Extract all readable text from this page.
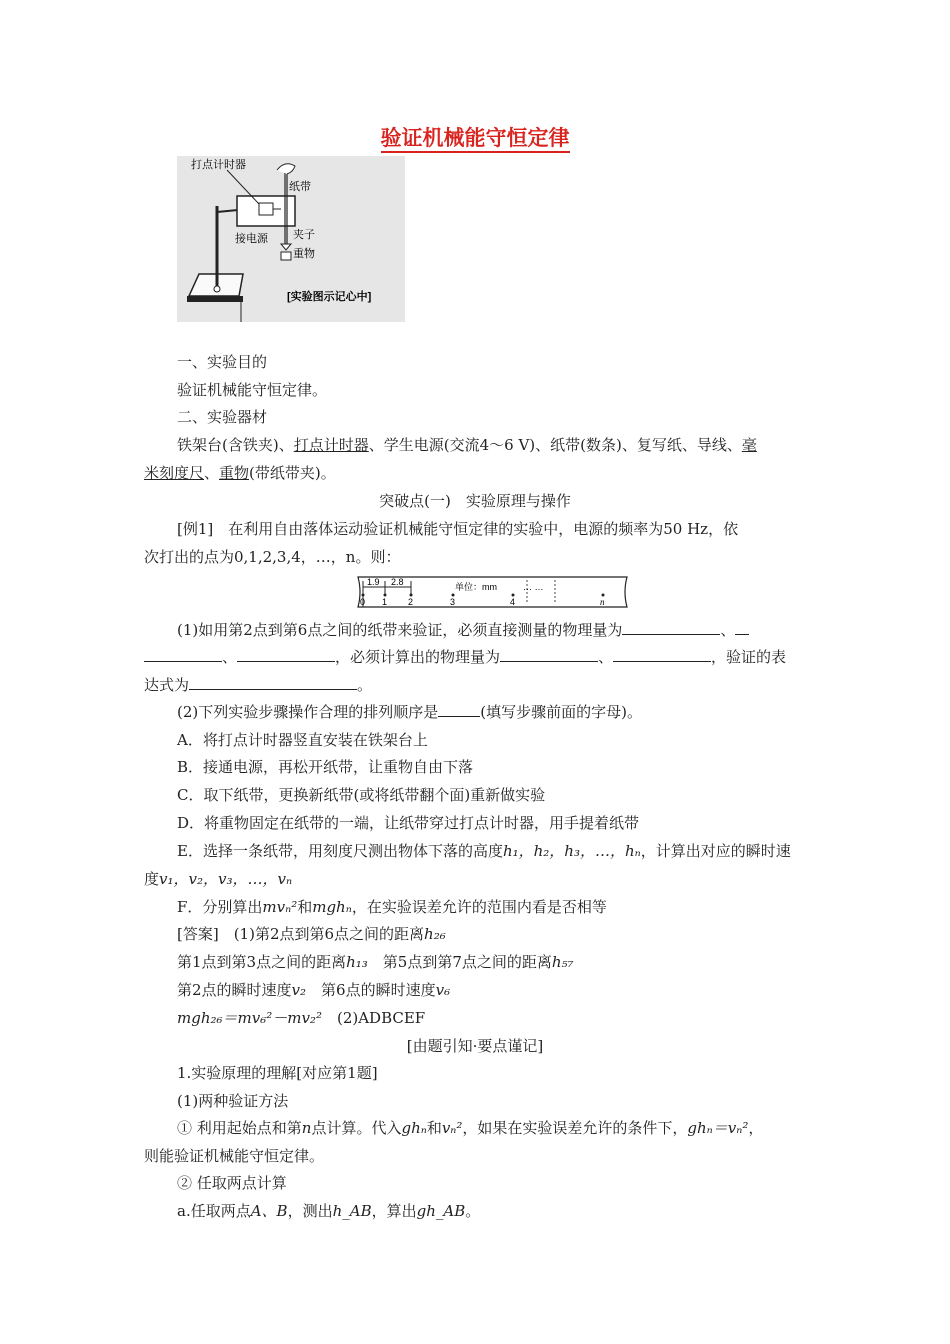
验证机械能守恒定律
打点计时器
纸带
接电源 夹子
重物
[实验图示记心中]
一、实验目的
验证机械能守恒定律。
二、实验器材
铁架台(含铁夹)、打点计时器、学生电源(交流4～6 V)、纸带(数条)、复写纸、导线、毫
米刻度尺、重物(带纸带夹)。
突破点(一)　实验原理与操作
[例1]　在利用自由落体运动验证机械能守恒定律的实验中，电源的频率为50 Hz，依
次打出的点为0,1,2,3,4，…，n。则：
1.9 2.8	单位：mm	… …
0 1 2	3	4	n
(1)如用第2点到第6点之间的纸带来验证，必须直接测量的物理量为	、
、	，必须计算出的物理量为	、	，验证的表
达式为	。
(2)下列实验步骤操作合理的排列顺序是	(填写步骤前面的字母)。
A．将打点计时器竖直安装在铁架台上
B．接通电源，再松开纸带，让重物自由下落
C．取下纸带，更换新纸带(或将纸带翻个面)重新做实验
D．将重物固定在纸带的一端，让纸带穿过打点计时器，用手提着纸带
E．选择一条纸带，用刻度尺测出物体下落的高度h₁，h₂，h₃，…，hₙ，计算出对应的瞬时速
度v₁，v₂，v₃，…，vₙ
F．分别算出mvₙ²和mghₙ，在实验误差允许的范围内看是否相等
[答案]　(1)第2点到第6点之间的距离h₂₆
第1点到第3点之间的距离h₁₃　第5点到第7点之间的距离h₅₇
第2点的瞬时速度v₂　第6点的瞬时速度v₆
mgh₂₆＝mv₆²－mv₂²　(2)ADBCEF
[由题引知·要点谨记]
1.实验原理的理解[对应第1题]
(1)两种验证方法
① 利用起始点和第n点计算。代入ghₙ和vₙ²，如果在实验误差允许的条件下，ghₙ＝vₙ²，
则能验证机械能守恒定律。
② 任取两点计算
a.任取两点A、B，测出h_AB，算出gh_AB。
